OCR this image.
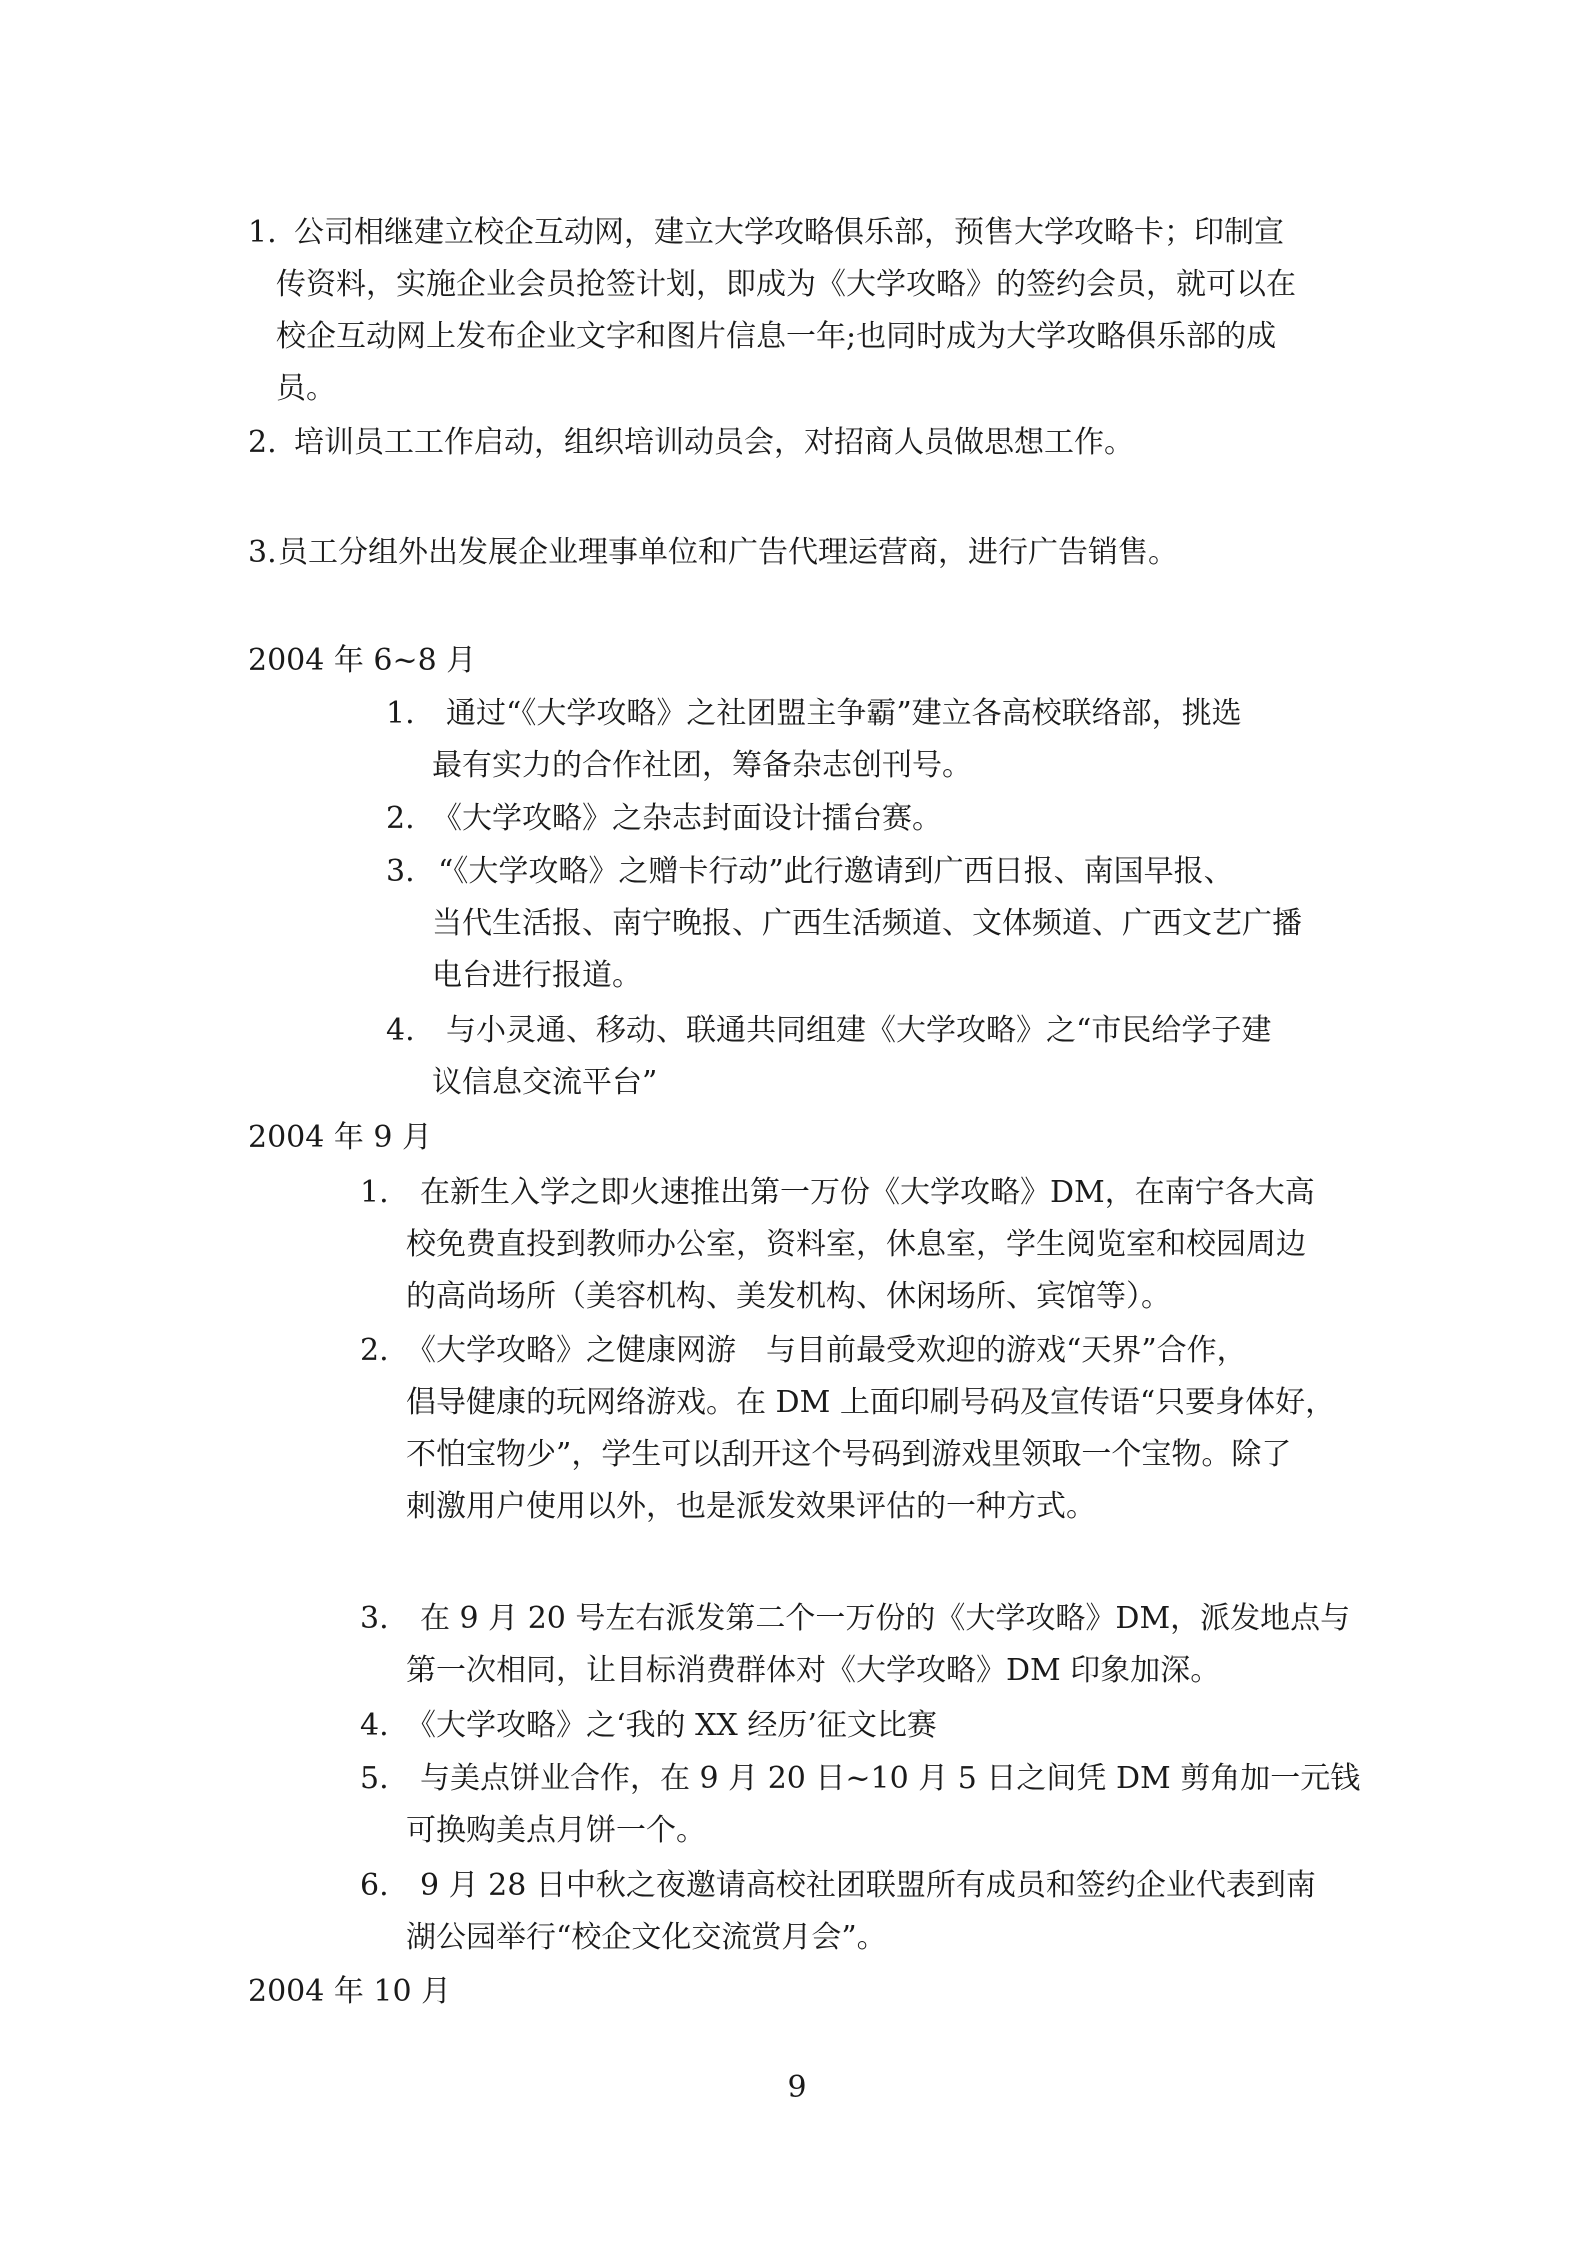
1. 公司相继建立校企互动网，建立大学攻略俱乐部，预售大学攻略卡；印制宣
传资料，实施企业会员抢签计划，即成为《大学攻略》的签约会员，就可以在
校企互动网上发布企业文字和图片信息一年;也同时成为大学攻略俱乐部的成
员。
2. 培训员工工作启动，组织培训动员会，对招商人员做思想工作。
3. 员工分组外出发展企业理事单位和广告代理运营商，进行广告销售。
2004 年 6~8 月
1. 通过“《大学攻略》之社团盟主争霸”建立各高校联络部，挑选
最有实力的合作社团，筹备杂志创刊号。
2. 《大学攻略》之杂志封面设计擂台赛。
3. “《大学攻略》之赠卡行动”此行邀请到广西日报、南国早报、
当代生活报、南宁晚报、广西生活频道、文体频道、广西文艺广播
电台进行报道。
4. 与小灵通、移动、联通共同组建《大学攻略》之“市民给学子建
议信息交流平台”
2004 年 9 月
1. 在新生入学之即火速推出第一万份《大学攻略》DM，在南宁各大高
校免费直投到教师办公室，资料室，休息室，学生阅览室和校园周边
的高尚场所（美容机构、美发机构、休闲场所、宾馆等）。
2. 《大学攻略》之健康网游　与目前最受欢迎的游戏“天界”合作，
倡导健康的玩网络游戏。在 DM 上面印刷号码及宣传语“只要身体好，
不怕宝物少”，学生可以刮开这个号码到游戏里领取一个宝物。除了
刺激用户使用以外，也是派发效果评估的一种方式。
3. 在 9 月 20 号左右派发第二个一万份的《大学攻略》DM，派发地点与
第一次相同，让目标消费群体对《大学攻略》DM 印象加深。
4. 《大学攻略》之‘我的 XX 经历’征文比赛
5. 与美点饼业合作，在 9 月 20 日~10 月 5 日之间凭 DM 剪角加一元钱
可换购美点月饼一个。
6. 9 月 28 日中秋之夜邀请高校社团联盟所有成员和签约企业代表到南
湖公园举行“校企文化交流赏月会”。
2004 年 10 月
9
